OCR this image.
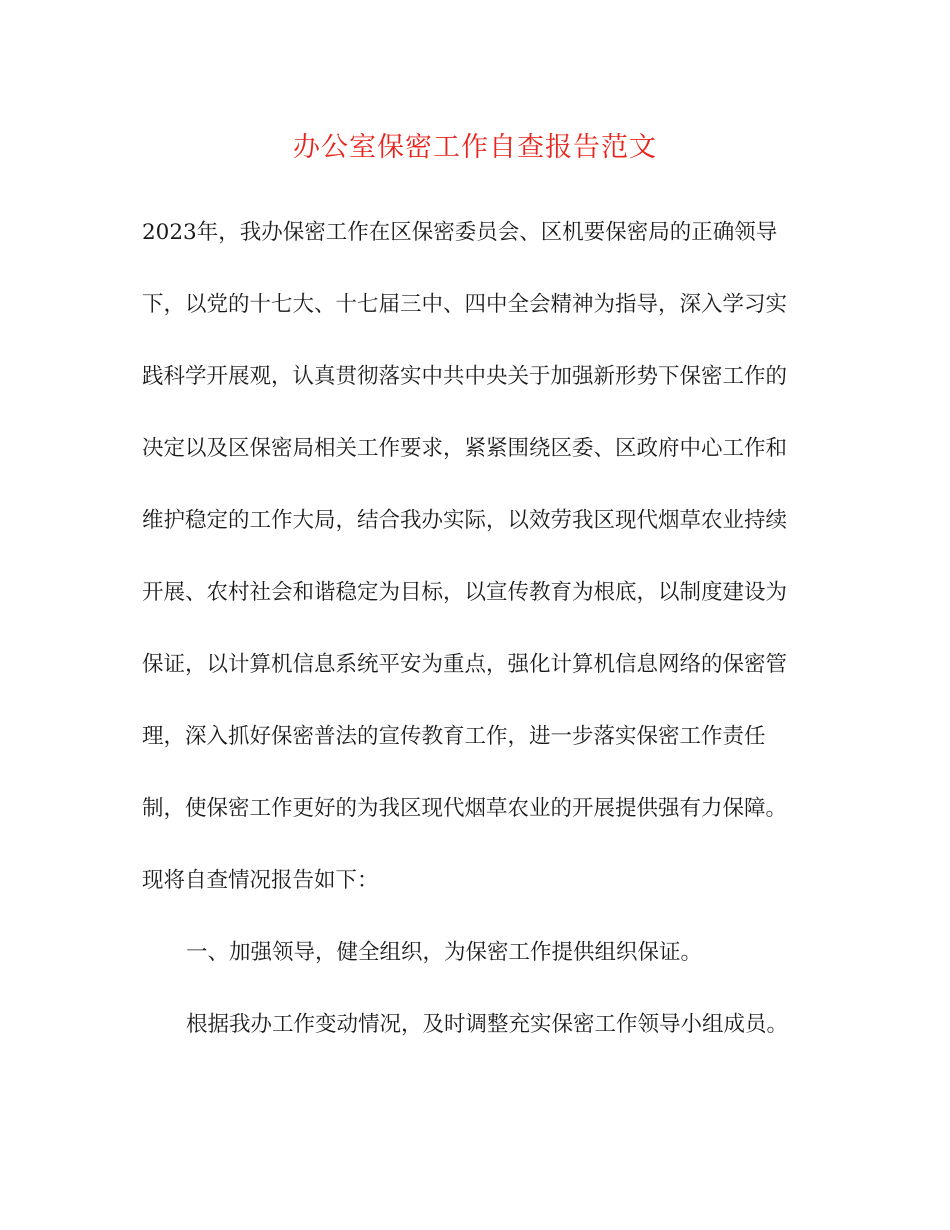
办公室保密工作自查报告范文
2023年，我办保密工作在区保密委员会、区机要保密局的正确领导
下，以党的十七大、十七届三中、四中全会精神为指导，深入学习实
践科学开展观，认真贯彻落实中共中央关于加强新形势下保密工作的
决定以及区保密局相关工作要求，紧紧围绕区委、区政府中心工作和
维护稳定的工作大局，结合我办实际，以效劳我区现代烟草农业持续
开展、农村社会和谐稳定为目标，以宣传教育为根底，以制度建设为
保证，以计算机信息系统平安为重点，强化计算机信息网络的保密管
理，深入抓好保密普法的宣传教育工作，进一步落实保密工作责任
制，使保密工作更好的为我区现代烟草农业的开展提供强有力保障。
现将自查情况报告如下：
一、加强领导，健全组织，为保密工作提供组织保证。
根据我办工作变动情况，及时调整充实保密工作领导小组成员。
